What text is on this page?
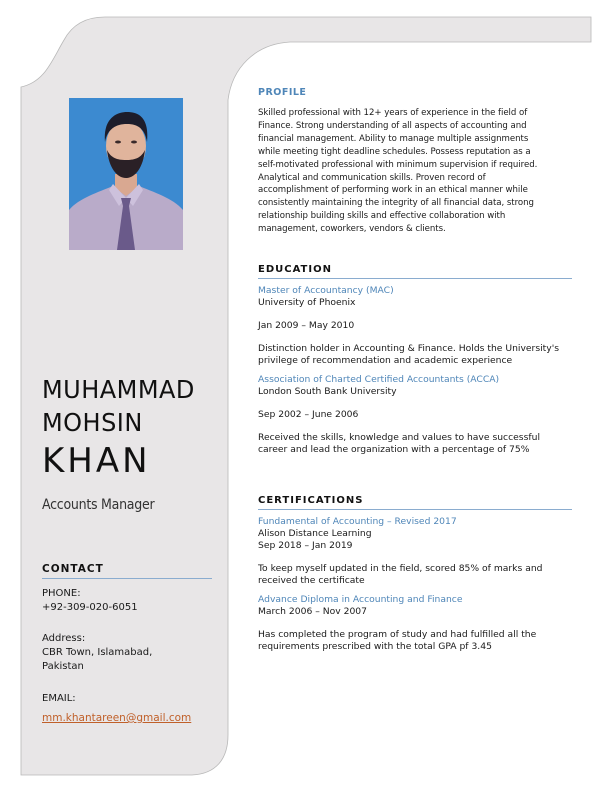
MUHAMMAD
MOHSIN
KHAN
Accounts Manager
CONTACT
PHONE:
+92-309-020-6051
Address:
CBR Town, Islamabad,
Pakistan
EMAIL:
mm.khantareen@gmail.com
PROFILE
Skilled professional with 12+ years of experience in the field of
Finance. Strong understanding of all aspects of accounting and
financial management. Ability to manage multiple assignments
while meeting tight deadline schedules. Possess reputation as a
self-motivated professional with minimum supervision if required.
Analytical and communication skills. Proven record of
accomplishment of performing work in an ethical manner while
consistently maintaining the integrity of all financial data, strong
relationship building skills and effective collaboration with
management, coworkers, vendors & clients.
EDUCATION
Master of Accountancy (MAC)
University of Phoenix
Jan 2009 – May 2010
Distinction holder in Accounting & Finance. Holds the University's
privilege of recommendation and academic experience
Association of Charted Certified Accountants (ACCA)
London South Bank University
Sep 2002 – June 2006
Received the skills, knowledge and values to have successful
career and lead the organization with a percentage of 75%
CERTIFICATIONS
Fundamental of Accounting – Revised 2017
Alison Distance Learning
Sep 2018 – Jan 2019
To keep myself updated in the field, scored 85% of marks and
received the certificate
Advance Diploma in Accounting and Finance
March 2006 – Nov 2007
Has completed the program of study and had fulfilled all the
requirements prescribed with the total GPA pf 3.45
